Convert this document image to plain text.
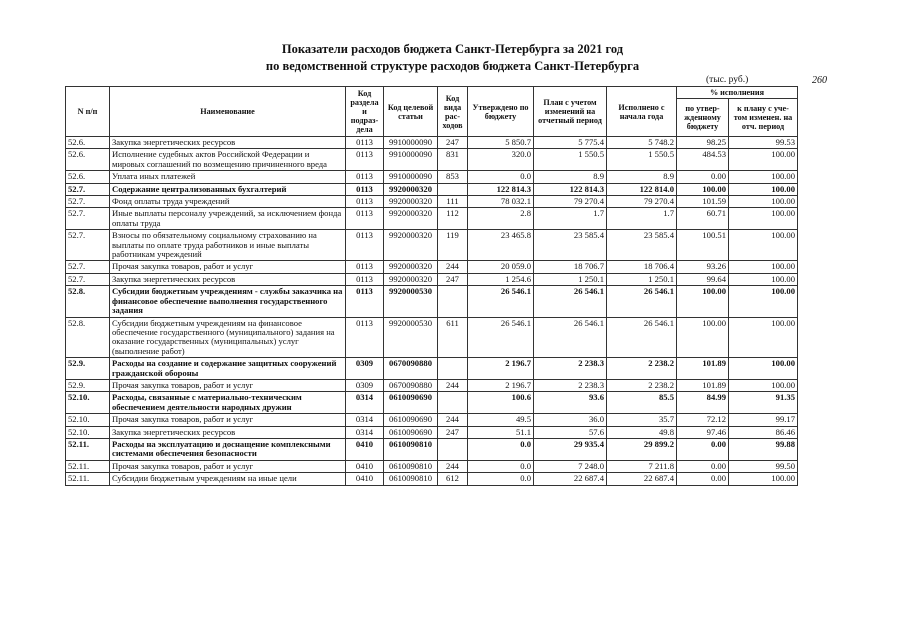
Показатели расходов бюджета Санкт-Петербурга за 2021 год
по ведомственной структуре расходов бюджета Санкт-Петербурга
(тыс. руб.)	260
N п/п	Наименование	Код раздела и подраз-дела	Код целевой статьи	Код вида рас-ходов	Утверждено по бюджету	План с учетом изменений на отчетный период	Исполнено с начала года	% исполнения	
								по утвер-жденному бюджету	к плану с уче-том изменен. на отч. период
52.6.	Закупка энергетических ресурсов	0113	9910000090	247	5 850.7	5 775.4	5 748.2	98.25	99.53
52.6.	Исполнение судебных актов Российской Федерации и мировых соглашений по возмещению причиненного вреда	0113	9910000090	831	320.0	1 550.5	1 550.5	484.53	100.00
52.6.	Уплата иных платежей	0113	9910000090	853	0.0	8.9	8.9	0.00	100.00
52.7.	Содержание централизованных бухгалтерий	0113	9920000320		122 814.3	122 814.3	122 814.0	100.00	100.00
52.7.	Фонд оплаты труда учреждений	0113	9920000320	111	78 032.1	79 270.4	79 270.4	101.59	100.00
52.7.	Иные выплаты персоналу учреждений, за исключением фонда оплаты труда	0113	9920000320	112	2.8	1.7	1.7	60.71	100.00
52.7.	Взносы по обязательному социальному страхованию на выплаты по оплате труда работников и иные выплаты работникам учреждений	0113	9920000320	119	23 465.8	23 585.4	23 585.4	100.51	100.00
52.7.	Прочая закупка товаров, работ и услуг	0113	9920000320	244	20 059.0	18 706.7	18 706.4	93.26	100.00
52.7.	Закупка энергетических ресурсов	0113	9920000320	247	1 254.6	1 250.1	1 250.1	99.64	100.00
52.8.	Субсидии бюджетным учреждениям - службы заказчика на финансовое обеспечение выполнения государственного задания	0113	9920000530		26 546.1	26 546.1	26 546.1	100.00	100.00
52.8.	Субсидии бюджетным учреждениям на финансовое обеспечение государственного (муниципального) задания на оказание государственных (муниципальных) услуг (выполнение работ)	0113	9920000530	611	26 546.1	26 546.1	26 546.1	100.00	100.00
52.9.	Расходы на создание и содержание защитных сооружений гражданской обороны	0309	0670090880		2 196.7	2 238.3	2 238.2	101.89	100.00
52.9.	Прочая закупка товаров, работ и услуг	0309	0670090880	244	2 196.7	2 238.3	2 238.2	101.89	100.00
52.10.	Расходы, связанные с материально-техническим обеспечением деятельности народных дружин	0314	0610090690		100.6	93.6	85.5	84.99	91.35
52.10.	Прочая закупка товаров, работ и услуг	0314	0610090690	244	49.5	36.0	35.7	72.12	99.17
52.10.	Закупка энергетических ресурсов	0314	0610090690	247	51.1	57.6	49.8	97.46	86.46
52.11.	Расходы на эксплуатацию и доснащение комплексными системами обеспечения безопасности	0410	0610090810		0.0	29 935.4	29 899.2	0.00	99.88
52.11.	Прочая закупка товаров, работ и услуг	0410	0610090810	244	0.0	7 248.0	7 211.8	0.00	99.50
52.11.	Субсидии бюджетным учреждениям на иные цели	0410	0610090810	612	0.0	22 687.4	22 687.4	0.00	100.00
